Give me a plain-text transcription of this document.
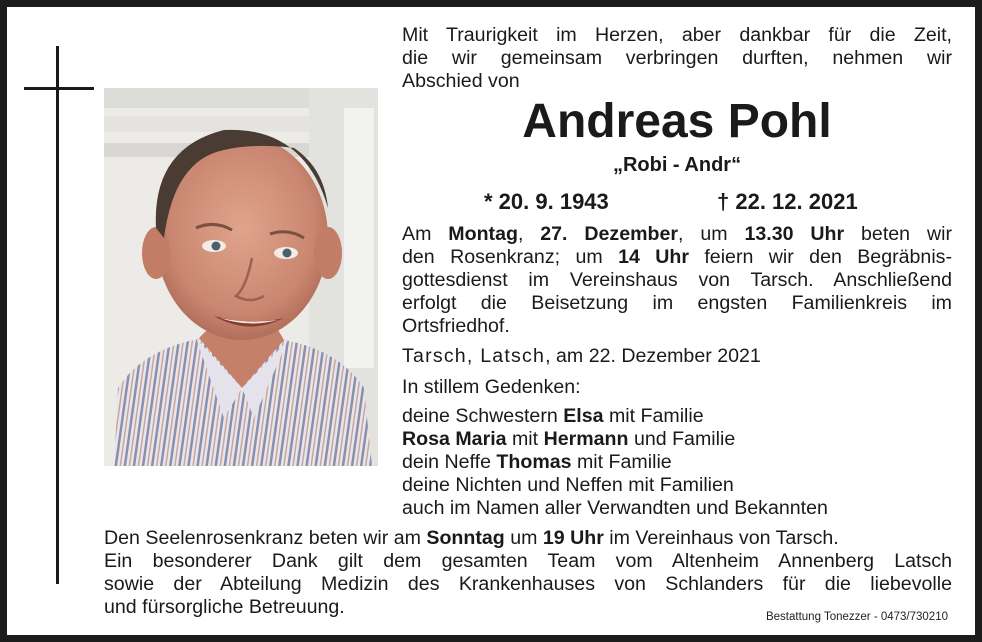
Mit Traurigkeit im Herzen, aber dankbar für die Zeit,
die wir gemeinsam verbringen durften, nehmen wir
Abschied von
Andreas Pohl
„Robi - Andr“
* 20. 9. 1943	† 22. 12. 2021
Am Montag, 27. Dezember, um 13.30 Uhr beten wir
den Rosenkranz; um 14 Uhr feiern wir den Begräbnis-
gottesdienst im Vereinshaus von Tarsch. Anschließend
erfolgt die Beisetzung im engsten Familienkreis im
Ortsfriedhof.
Tarsch, Latsch, am 22. Dezember 2021
In stillem Gedenken:
deine Schwestern Elsa mit Familie
Rosa Maria mit Hermann und Familie
dein Neffe Thomas mit Familie
deine Nichten und Neffen mit Familien
auch im Namen aller Verwandten und Bekannten
Den Seelenrosenkranz beten wir am Sonntag um 19 Uhr im Vereinhaus von Tarsch.
Ein besonderer Dank gilt dem gesamten Team vom Altenheim Annenberg Latsch
sowie der Abteilung Medizin des Krankenhauses von Schlanders für die liebevolle
und fürsorgliche Betreuung.	Bestattung Tonezzer - 0473/730210
